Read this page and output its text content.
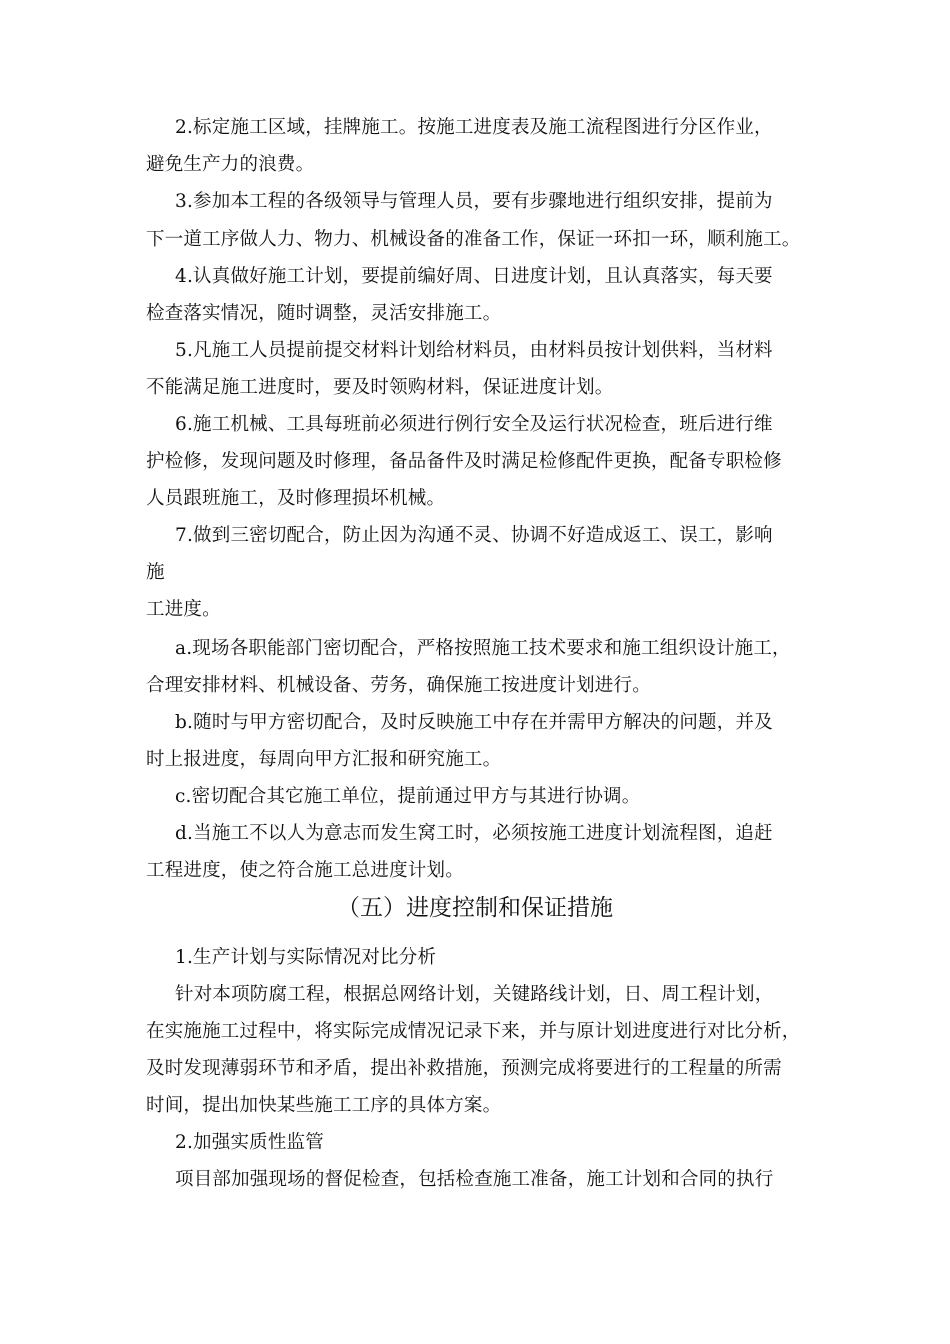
2.标定施工区域，挂牌施工。按施工进度表及施工流程图进行分区作业，
避免生产力的浪费。
3.参加本工程的各级领导与管理人员，要有步骤地进行组织安排，提前为
下一道工序做人力、物力、机械设备的准备工作，保证一环扣一环，顺利施工。
4.认真做好施工计划，要提前编好周、日进度计划，且认真落实，每天要
检查落实情况，随时调整，灵活安排施工。
5.凡施工人员提前提交材料计划给材料员，由材料员按计划供料，当材料
不能满足施工进度时，要及时领购材料，保证进度计划。
6.施工机械、工具每班前必须进行例行安全及运行状况检查，班后进行维
护检修，发现问题及时修理，备品备件及时满足检修配件更换，配备专职检修
人员跟班施工，及时修理损坏机械。
7.做到三密切配合，防止因为沟通不灵、协调不好造成返工、误工，影响
施
工进度。
a.现场各职能部门密切配合，严格按照施工技术要求和施工组织设计施工，
合理安排材料、机械设备、劳务，确保施工按进度计划进行。
b.随时与甲方密切配合，及时反映施工中存在并需甲方解决的问题，并及
时上报进度，每周向甲方汇报和研究施工。
c.密切配合其它施工单位，提前通过甲方与其进行协调。
d.当施工不以人为意志而发生窝工时，必须按施工进度计划流程图，追赶
工程进度，使之符合施工总进度计划。
（五）进度控制和保证措施
1.生产计划与实际情况对比分析
针对本项防腐工程，根据总网络计划，关键路线计划，日、周工程计划，
在实施施工过程中，将实际完成情况记录下来，并与原计划进度进行对比分析，
及时发现薄弱环节和矛盾，提出补救措施，预测完成将要进行的工程量的所需
时间，提出加快某些施工工序的具体方案。
2.加强实质性监管
项目部加强现场的督促检查，包括检查施工准备，施工计划和合同的执行
